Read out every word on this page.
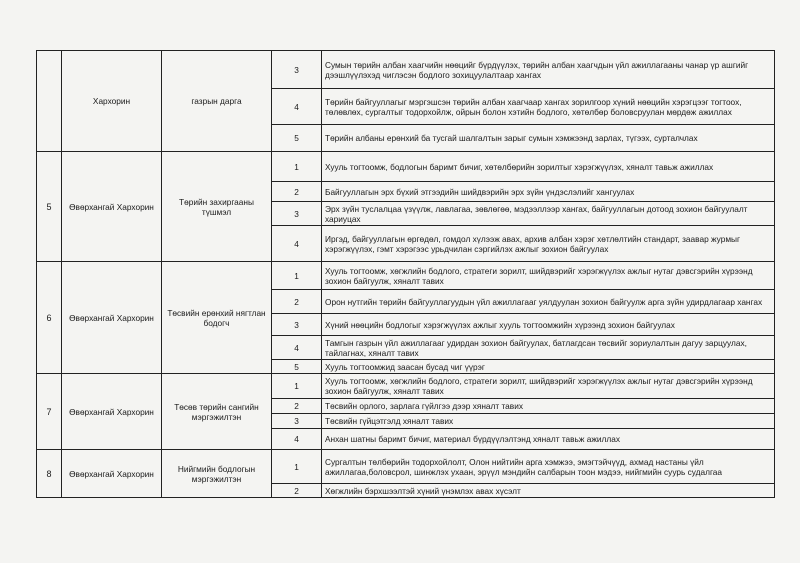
	Хархорин	газрын дарга	3	Сумын төрийн албан хаагчийн нөөцийг бүрдүүлэх, төрийн албан хаагчдын үйл ажиллагааны чанар үр ашгийг дээшлүүлэхэд чиглэсэн бодлого зохицуулалтаар хангах
			4	Төрийн байгууллагыг мэргэшсэн төрийн албан хаагчаар хангах зорилгоор хүний нөөцийн хэрэгцээг тогтоох, төлөвлөх, сургалтыг тодорхойлж, ойрын болон хэтийн бодлого, хөтөлбөр боловсруулан мөрдөж ажиллах
			5	Төрийн албаны ерөнхий ба тусгай шалгалтын зарыг сумын хэмжээнд зарлах, түгээх, сурталчлах
5	Өвөрхангай Хархорин	Төрийн захиргааны түшмэл	1	Хууль тогтоомж, бодлогын баримт бичиг, хөтөлбөрийн зорилтыг хэрэгжүүлэх, хяналт тавьж ажиллах
			2	Байгууллагын эрх бүхий этгээдийн шийдвэрийн эрх зүйн үндэслэлийг хангуулах
			3	Эрх зүйн туслалцаа үзүүлж, лавлагаа, зөвлөгөө, мэдээллээр хангах, байгууллагын дотоод зохион байгуулалт хариуцах
			4	Иргэд, байгууллагын өргөдөл, гомдол хүлээж авах, архив албан хэрэг хөтлөлтийн стандарт, заавар журмыг хэрэгжүүлэх, гэмт хэрэгээс урьдчилан сэргийлэх ажлыг зохион байгуулах
6	Өвөрхангай Хархорин	Төсвийн ерөнхий нягтлан бодогч	1	Хууль тогтоомж, хөгжлийн бодлого, стратеги зорилт, шийдвэрийг хэрэгжүүлэх ажлыг нутаг дэвсгэрийн хүрээнд зохион байгуулж, хяналт тавих
			2	Орон нутгийн төрийн байгууллагуудын үйл ажиллагааг уялдуулан зохион байгуулж арга зүйн удирдлагаар хангах
			3	Хүний нөөцийн бодлогыг хэрэгжүүлэх ажлыг хууль тогтоомжийн хүрээнд зохион байгуулах
			4	Тамгын газрын үйл ажиллагааг удирдан зохион байгуулах, батлагдсан төсвийг зориулалтын дагуу зарцуулах, тайлагнах, хяналт тавих
			5	Хууль тогтоомжид заасан бусад чиг үүрэг
7	Өвөрхангай Хархорин	Төсөв төрийн сангийн мэргэжилтэн	1	Хууль тогтоомж, хөгжлийн бодлого, стратеги зорилт, шийдвэрийг хэрэгжүүлэх ажлыг нутаг дэвсгэрийн хүрээнд зохион байгуулж, хяналт тавих
			2	Төсвийн орлого, зарлага гүйлгээ дээр хяналт тавих
			3	Төсвийн гүйцэтгэлд хяналт тавих
			4	Анхан шатны баримт бичиг, материал бүрдүүлэлтэнд хяналт тавьж ажиллах
8	Өвөрхангай Хархорин	Нийгмийн бодлогын мэргэжилтэн	1	Сургалтын төлбөрийн тодорхойлолт, Олон нийтийн арга хэмжээ, эмэгтэйчүүд, ахмад настаны үйл ажиллагаа,боловсрол, шинжлэх ухаан, эрүүл мэндийн салбарын тоон мэдээ, нийгмийн суурь судалгаа
			2	Хөгжлийн бэрхшээлтэй хүний үнэмлэх авах хүсэлт
